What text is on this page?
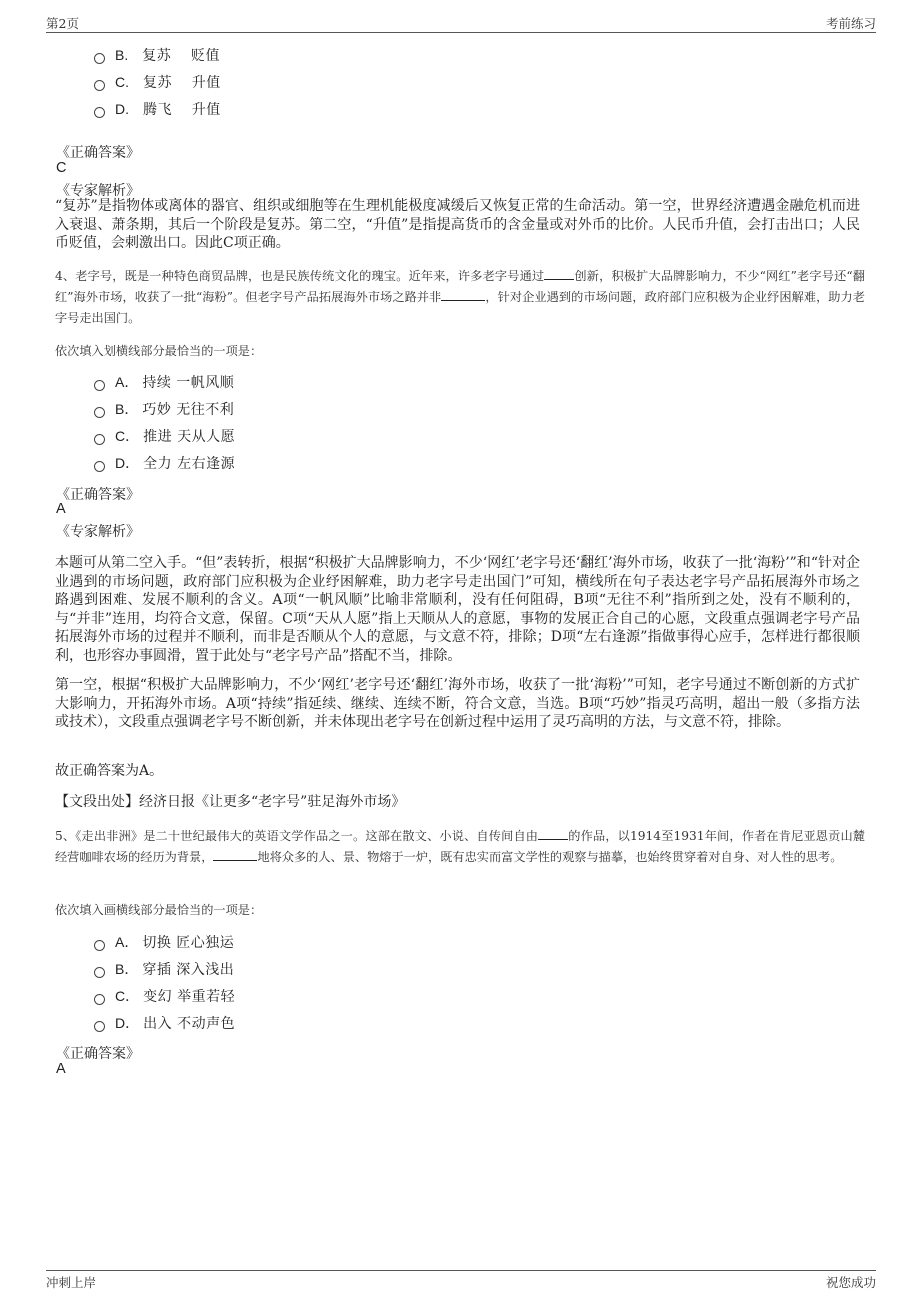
第2页	考前练习
B. 复苏    贬值
C. 复苏    升值
D. 腾飞    升值
《正确答案》
C
《专家解析》
“复苏”是指物体或离体的器官、组织或细胞等在生理机能极度减缓后又恢复正常的生命活动。第一空，世界经济遭遇金融危机而进入衰退、萧条期，其后一个阶段是复苏。第二空，“升值”是指提高货币的含金量或对外币的比价。人民币升值，会打击出口；人民币贬值，会刺激出口。因此C项正确。
4、老字号，既是一种特色商贸品牌，也是民族传统文化的瑰宝。近年来，许多老字号通过 创新，积极扩大品牌影响力，不少“网红”老字号还“翻红”海外市场，收获了一批“海粉”。但老字号产品拓展海外市场之路并非	，针对企业遇到的市场问题，政府部门应积极为企业纾困解难，助力老字号走出国门。
依次填入划横线部分最恰当的一项是：
A． 持续 一帆风顺
B． 巧妙 无往不利
C． 推进 天从人愿
D． 全力 左右逢源
《正确答案》
A
《专家解析》
本题可从第二空入手。“但”表转折，根据“积极扩大品牌影响力，不少‘网红’老字号还‘翻红’海外市场，收获了一批‘海粉’”和“针对企业遇到的市场问题，政府部门应积极为企业纾困解难，助力老字号走出国门”可知，横线所在句子表达老字号产品拓展海外市场之路遇到困难、发展不顺利的含义。A项“一帆风顺”比喻非常顺利，没有任何阻碍，B项“无往不利”指所到之处，没有不顺利的，与“并非”连用，均符合文意，保留。C项“天从人愿”指上天顺从人的意愿，事物的发展正合自己的心愿，文段重点强调老字号产品拓展海外市场的过程并不顺利，而非是否顺从个人的意愿，与文意不符，排除；D项“左右逢源”指做事得心应手，怎样进行都很顺利，也形容办事圆滑，置于此处与“老字号产品”搭配不当，排除。
第一空，根据“积极扩大品牌影响力，不少‘网红’老字号还‘翻红’海外市场，收获了一批‘海粉’”可知，老字号通过不断创新的方式扩大影响力，开拓海外市场。A项“持续”指延续、继续、连续不断，符合文意，当选。B项“巧妙”指灵巧高明，超出一般（多指方法或技术），文段重点强调老字号不断创新，并未体现出老字号在创新过程中运用了灵巧高明的方法，与文意不符，排除。
故正确答案为A。
【文段出处】经济日报《让更多“老字号”驻足海外市场》
5、《走出非洲》是二十世纪最伟大的英语文学作品之一。这部在散文、小说、自传间自由 的作品，以1914至1931年间，作者在肯尼亚恩贡山麓经营咖啡农场的经历为背景，	地将众多的人、景、物熔于一炉，既有忠实而富文学性的观察与描摹，也始终贯穿着对自身、对人性的思考。
依次填入画横线部分最恰当的一项是：
A． 切换 匠心独运
B． 穿插 深入浅出
C． 变幻 举重若轻
D． 出入 不动声色
《正确答案》
A
冲刺上岸	祝您成功
